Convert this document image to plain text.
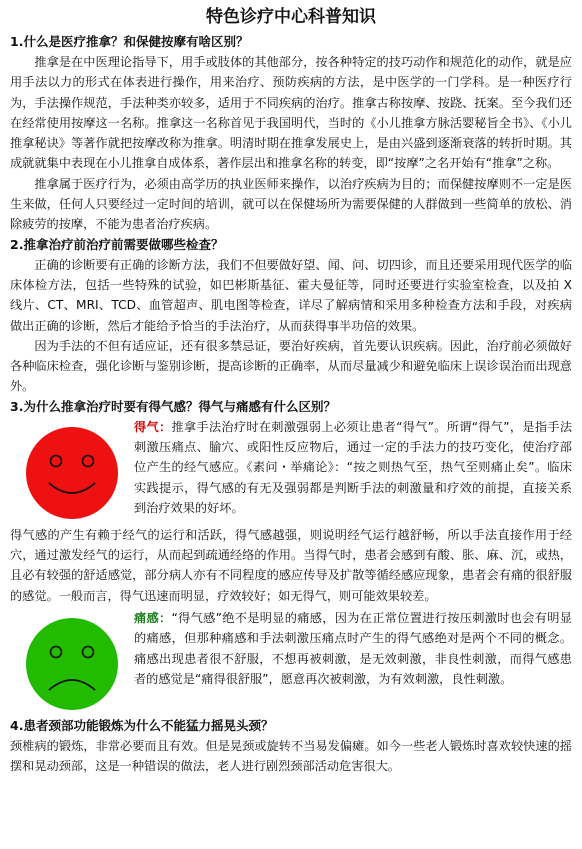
特色诊疗中心科普知识
1.什么是医疗推拿？和保健按摩有啥区别？

推拿是在中医理论指导下，用手或肢体的其他部分，按各种特定的技巧动作和规范化的动作，就是应用手法以力的形式在体表进行操作，用来治疗、预防疾病的方法，是中医学的一门学科。是一种医疗行为，手法操作规范，手法种类亦较多，适用于不同疾病的治疗。推拿古称按摩、按跷、抚案。至今我们还在经常使用按摩这一名称。推拿这一名称首见于我国明代，当时的《小儿推拿方脉活婴秘旨全书》、《小儿推拿秘诀》等著作就把按摩改称为推拿。明清时期在推拿发展史上，是由兴盛到逐渐衰落的转折时期。其成就就集中表现在小儿推拿自成体系，著作层出和推拿名称的转变，即“按摩”之名开始有“推拿”之称。

推拿属于医疗行为，必须由高学历的执业医师来操作，以治疗疾病为目的；而保健按摩则不一定是医生来做，任何人只要经过一定时间的培训，就可以在保健场所为需要保健的人群做到一些简单的放松、消除疲劳的按摩，不能为患者治疗疾病。

2.推拿治疗前治疗前需要做哪些检查？

正确的诊断要有正确的诊断方法，我们不但要做好望、闻、问、切四诊，而且还要采用现代医学的临床体检方法，包括一些特殊的试验，如巴彬斯基征、霍夫曼征等，同时还要进行实验室检查，以及拍 X 线片、CT、MRI、TCD、血管超声、肌电图等检查，详尽了解病情和采用多种检查方法和手段，对疾病做出正确的诊断，然后才能给予恰当的手法治疗，从而获得事半功倍的效果。

因为手法的不但有适应证，还有很多禁忌证，要治好疾病，首先要认识疾病。因此，治疗前必须做好各种临床检查，强化诊断与鉴别诊断，提高诊断的正确率，从而尽量减少和避免临床上误诊误治而出现意外。

3.为什么推拿治疗时要有得气感？得气与痛感有什么区别？

得气：推拿手法治疗时在刺激强弱上必须让患者“得气”。所谓“得气”，是指手法刺激压痛点、腧穴、或阳性反应物后，通过一定的手法力的技巧变化，使治疗部位产生的经气感应。《素问・举痛论》：“按之则热气至，热气至则痛止矣”。临床实践提示，得气感的有无及强弱都是判断手法的刺激量和疗效的前提，直接关系到治疗效果的好坏。

得气感的产生有赖于经气的运行和活跃，得气感越强，则说明经气运行越舒畅，所以手法直接作用于经穴，通过激发经气的运行，从而起到疏通经络的作用。当得气时，患者会感到有酸、胀、麻、沉，或热，且必有较强的舒适感觉，部分病人亦有不同程度的感应传导及扩散等循经感应现象，患者会有痛的很舒服的感觉。一般而言，得气迅速而明显，疗效较好；如无得气，则可能效果较差。

痛感：“得气感”绝不是明显的痛感，因为在正常位置进行按压刺激时也会有明显的痛感，但那种痛感和手法刺激压痛点时产生的得气感绝对是两个不同的概念。痛感出现患者很不舒服，不想再被刺激，是无效刺激，非良性刺激，而得气感患者的感觉是“痛得很舒服”，愿意再次被刺激，为有效刺激，良性刺激。

4.患者颈部功能锻炼为什么不能猛力摇晃头颈？

颈椎病的锻炼，非常必要而且有效。但是晃颈或旋转不当易发偏瘫。如今一些老人锻炼时喜欢较快速的摇摆和晃动颈部，这是一种错误的做法，老人进行剧烈颈部活动危害很大。
